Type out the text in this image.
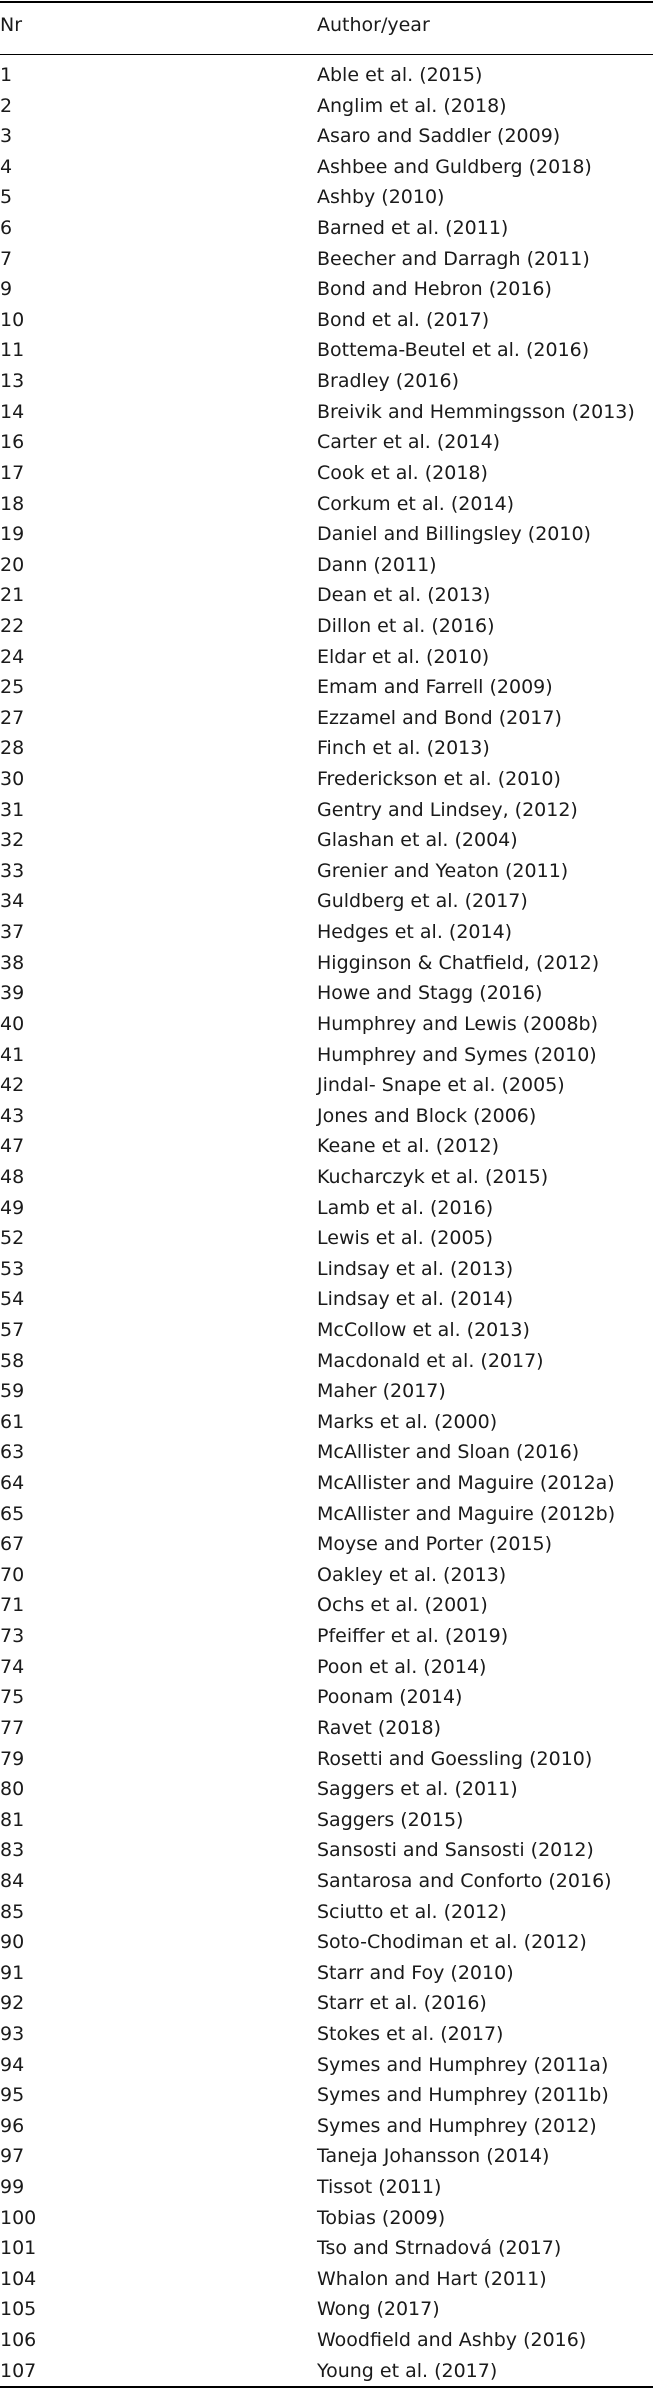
Nr	Author/year
1	Able et al. (2015)
2	Anglim et al. (2018)
3	Asaro and Saddler (2009)
4	Ashbee and Guldberg (2018)
5	Ashby (2010)
6	Barned et al. (2011)
7	Beecher and Darragh (2011)
9	Bond and Hebron (2016)
10	Bond et al. (2017)
11	Bottema-Beutel et al. (2016)
13	Bradley (2016)
14	Breivik and Hemmingsson (2013)
16	Carter et al. (2014)
17	Cook et al. (2018)
18	Corkum et al. (2014)
19	Daniel and Billingsley (2010)
20	Dann (2011)
21	Dean et al. (2013)
22	Dillon et al. (2016)
24	Eldar et al. (2010)
25	Emam and Farrell (2009)
27	Ezzamel and Bond (2017)
28	Finch et al. (2013)
30	Frederickson et al. (2010)
31	Gentry and Lindsey, (2012)
32	Glashan et al. (2004)
33	Grenier and Yeaton (2011)
34	Guldberg et al. (2017)
37	Hedges et al. (2014)
38	Higginson & Chatfield, (2012)
39	Howe and Stagg (2016)
40	Humphrey and Lewis (2008b)
41	Humphrey and Symes (2010)
42	Jindal- Snape et al. (2005)
43	Jones and Block (2006)
47	Keane et al. (2012)
48	Kucharczyk et al. (2015)
49	Lamb et al. (2016)
52	Lewis et al. (2005)
53	Lindsay et al. (2013)
54	Lindsay et al. (2014)
57	McCollow et al. (2013)
58	Macdonald et al. (2017)
59	Maher (2017)
61	Marks et al. (2000)
63	McAllister and Sloan (2016)
64	McAllister and Maguire (2012a)
65	McAllister and Maguire (2012b)
67	Moyse and Porter (2015)
70	Oakley et al. (2013)
71	Ochs et al. (2001)
73	Pfeiffer et al. (2019)
74	Poon et al. (2014)
75	Poonam (2014)
77	Ravet (2018)
79	Rosetti and Goessling (2010)
80	Saggers et al. (2011)
81	Saggers (2015)
83	Sansosti and Sansosti (2012)
84	Santarosa and Conforto (2016)
85	Sciutto et al. (2012)
90	Soto-Chodiman et al. (2012)
91	Starr and Foy (2010)
92	Starr et al. (2016)
93	Stokes et al. (2017)
94	Symes and Humphrey (2011a)
95	Symes and Humphrey (2011b)
96	Symes and Humphrey (2012)
97	Taneja Johansson (2014)
99	Tissot (2011)
100	Tobias (2009)
101	Tso and Strnadová (2017)
104	Whalon and Hart (2011)
105	Wong (2017)
106	Woodfield and Ashby (2016)
107	Young et al. (2017)
